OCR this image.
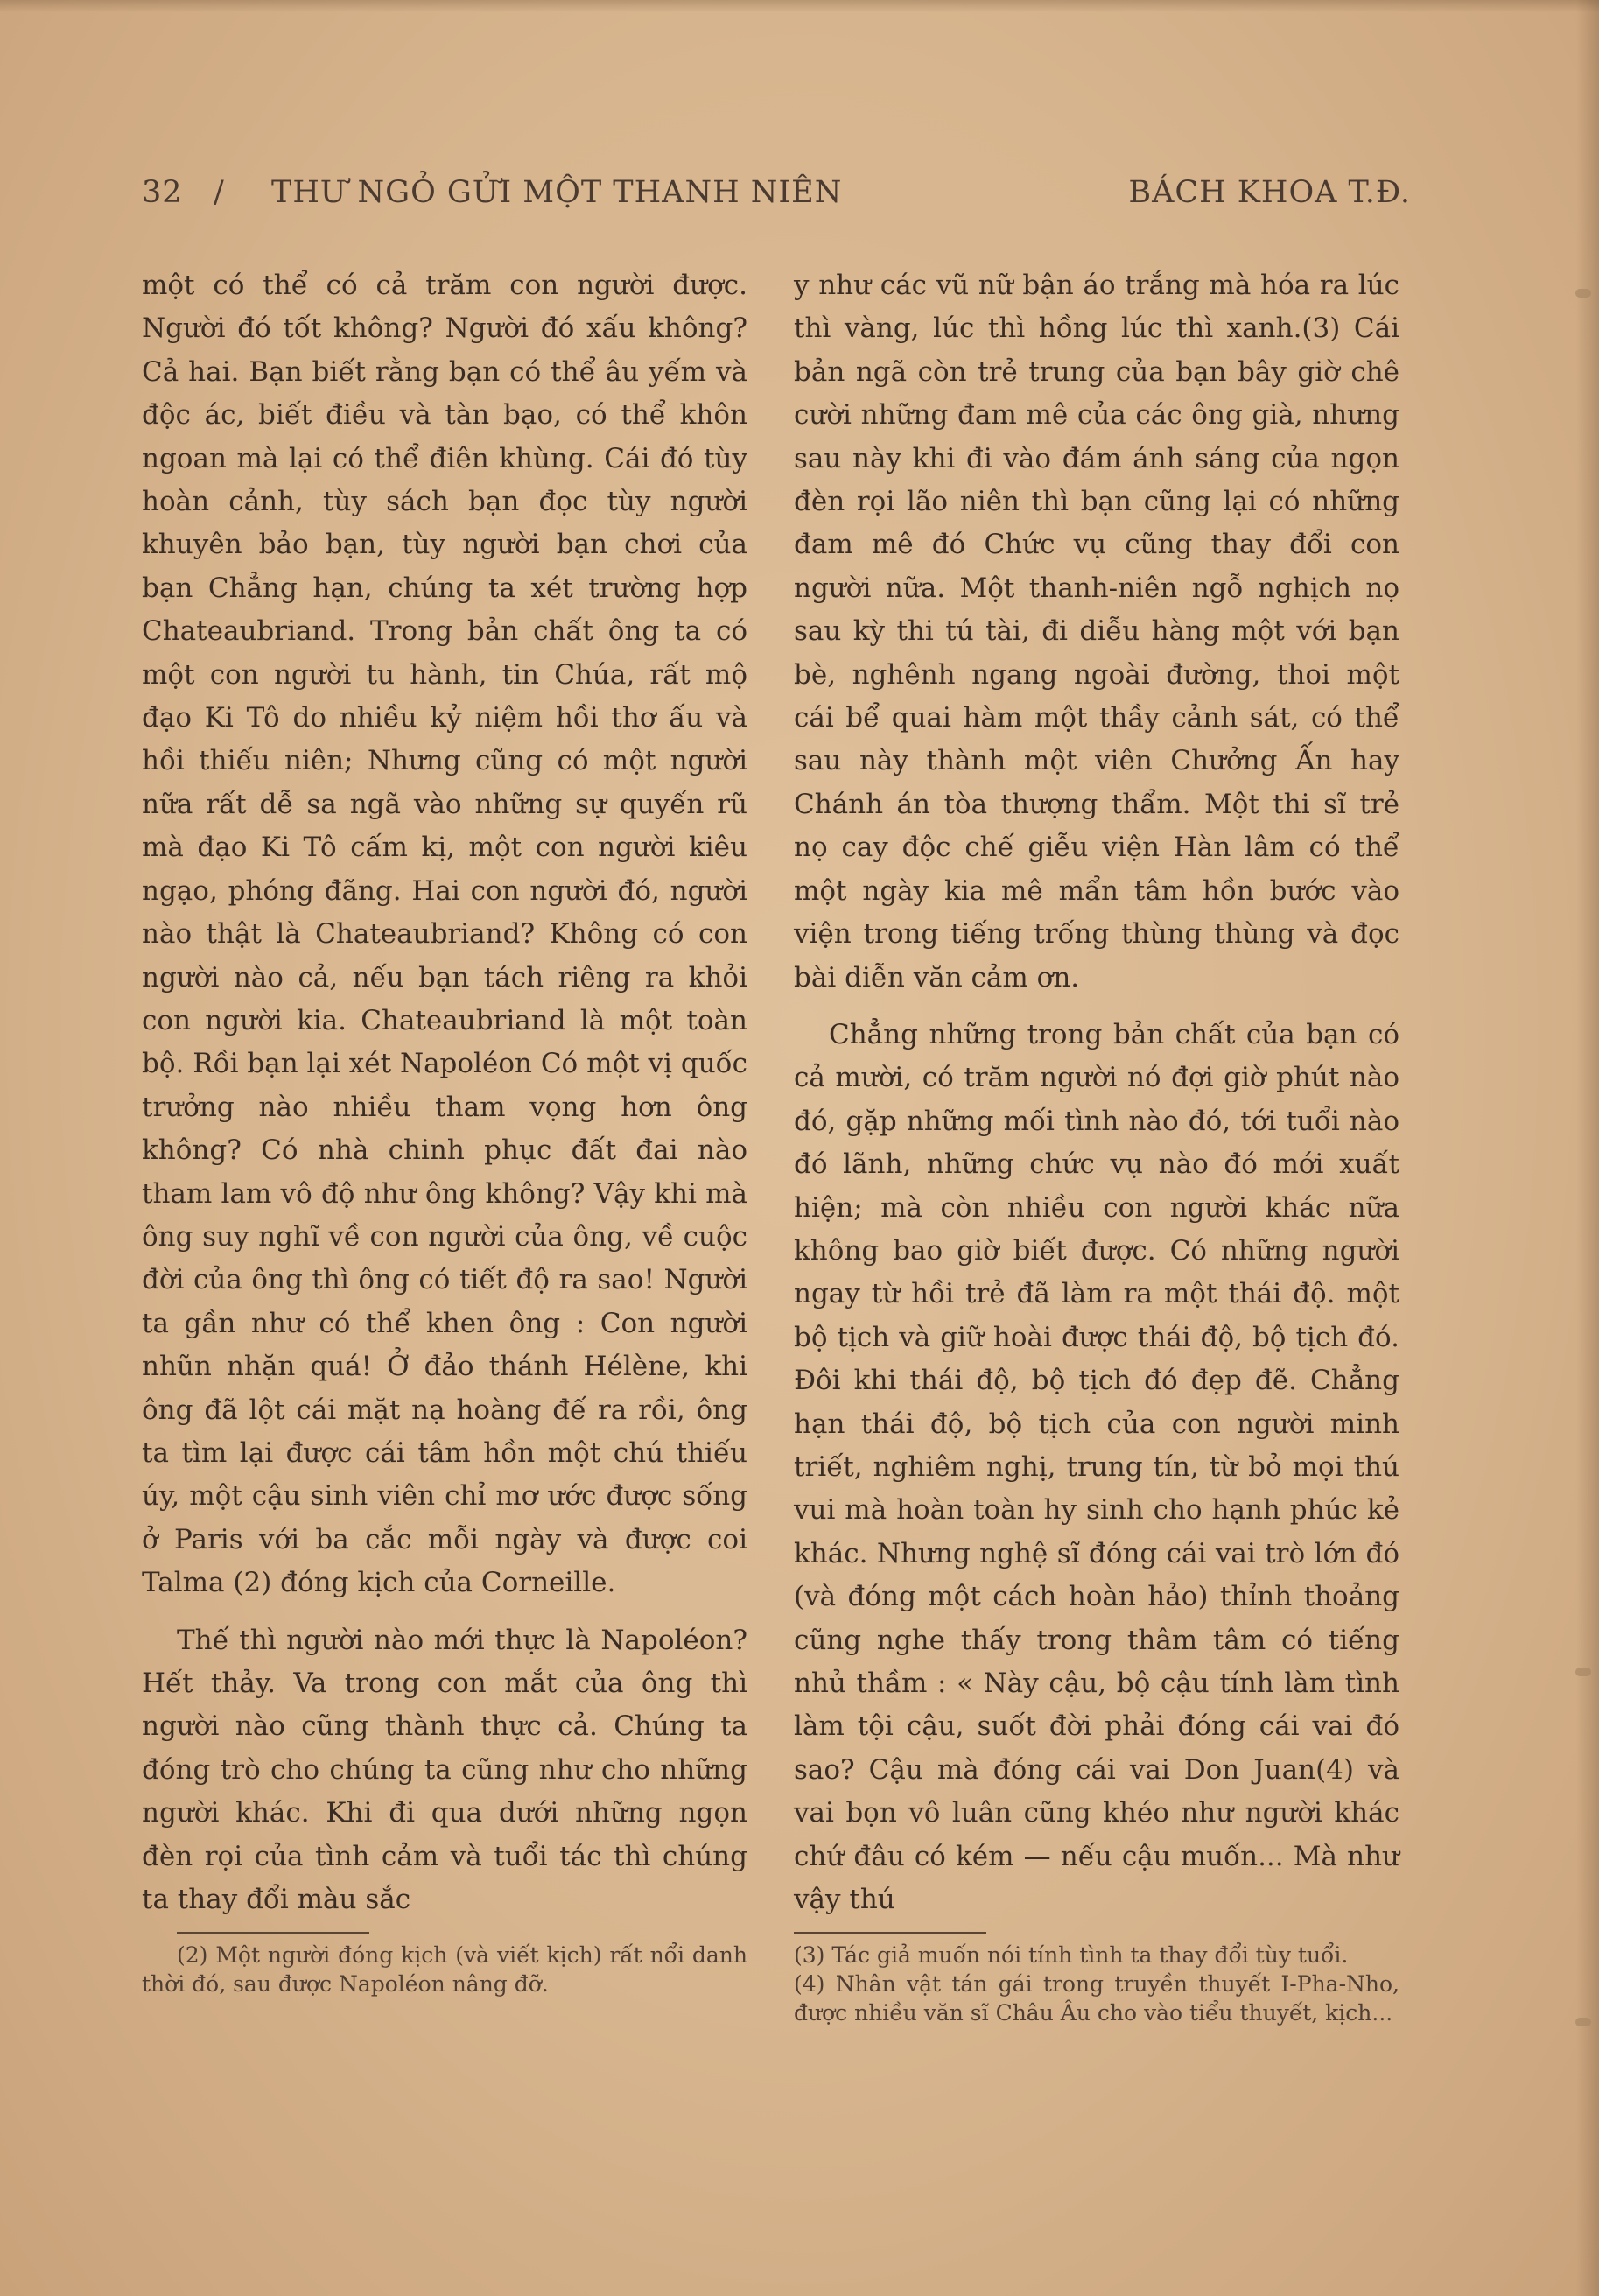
32 / THƯ NGỎ GỬI MỘT THANH NIÊN	BÁCH KHOA T.Đ.

một có thể có cả trăm con người được. Người đó tốt không? Người đó xấu không? Cả hai. Bạn biết rằng bạn có thể âu yếm và độc ác, biết điều và tàn bạo, có thể khôn ngoan mà lại có thể điên khùng. Cái đó tùy hoàn cảnh, tùy sách bạn đọc tùy người khuyên bảo bạn, tùy người bạn chơi của bạn Chẳng hạn, chúng ta xét trường hợp Chateaubriand. Trong bản chất ông ta có một con người tu hành, tin Chúa, rất mộ đạo Ki Tô do nhiều kỷ niệm hồi thơ ấu và hồi thiếu niên; Nhưng cũng có một người nữa rất dễ sa ngã vào những sự quyến rũ mà đạo Ki Tô cấm kị, một con người kiêu ngạo, phóng đãng. Hai con người đó, người nào thật là Chateaubriand? Không có con người nào cả, nếu bạn tách riêng ra khỏi con người kia. Chateaubriand là một toàn bộ. Rồi bạn lại xét Napoléon Có một vị quốc trưởng nào nhiều tham vọng hơn ông không? Có nhà chinh phục đất đai nào tham lam vô độ như ông không? Vậy khi mà ông suy nghĩ về con người của ông, về cuộc đời của ông thì ông có tiết độ ra sao! Người ta gần như có thể khen ông : Con người nhũn nhặn quá! Ở đảo thánh Hélène, khi ông đã lột cái mặt nạ hoàng đế ra rồi, ông ta tìm lại được cái tâm hồn một chú thiếu úy, một cậu sinh viên chỉ mơ ước được sống ở Paris với ba cắc mỗi ngày và được coi Talma (2) đóng kịch của Corneille.

Thế thì người nào mới thực là Napoléon? Hết thảy. Va trong con mắt của ông thì người nào cũng thành thực cả. Chúng ta đóng trò cho chúng ta cũng như cho những người khác. Khi đi qua dưới những ngọn đèn rọi của tình cảm và tuổi tác thì chúng ta thay đổi màu sắc

(2) Một người đóng kịch (và viết kịch) rất nổi danh thời đó, sau được Napoléon nâng đỡ.

y như các vũ nữ bận áo trắng mà hóa ra lúc thì vàng, lúc thì hồng lúc thì xanh.(3) Cái bản ngã còn trẻ trung của bạn bây giờ chê cười những đam mê của các ông già, nhưng sau này khi đi vào đám ánh sáng của ngọn đèn rọi lão niên thì bạn cũng lại có những đam mê đó Chức vụ cũng thay đổi con người nữa. Một thanh-niên ngỗ nghịch nọ sau kỳ thi tú tài, đi diễu hàng một với bạn bè, nghênh ngang ngoài đường, thoi một cái bể quai hàm một thầy cảnh sát, có thể sau này thành một viên Chưởng Ấn hay Chánh án tòa thượng thẩm. Một thi sĩ trẻ nọ cay độc chế giễu viện Hàn lâm có thể một ngày kia mê mẩn tâm hồn bước vào viện trong tiếng trống thùng thùng và đọc bài diễn văn cảm ơn.

Chẳng những trong bản chất của bạn có cả mười, có trăm người nó đợi giờ phút nào đó, gặp những mối tình nào đó, tới tuổi nào đó lãnh, những chức vụ nào đó mới xuất hiện; mà còn nhiều con người khác nữa không bao giờ biết được. Có những người ngay từ hồi trẻ đã làm ra một thái độ. một bộ tịch và giữ hoài được thái độ, bộ tịch đó. Đôi khi thái độ, bộ tịch đó đẹp đẽ. Chẳng hạn thái độ, bộ tịch của con người minh triết, nghiêm nghị, trung tín, từ bỏ mọi thú vui mà hoàn toàn hy sinh cho hạnh phúc kẻ khác. Nhưng nghệ sĩ đóng cái vai trò lớn đó (và đóng một cách hoàn hảo) thỉnh thoảng cũng nghe thấy trong thâm tâm có tiếng nhủ thầm : « Này cậu, bộ cậu tính làm tình làm tội cậu, suốt đời phải đóng cái vai đó sao? Cậu mà đóng cái vai Don Juan(4) và vai bọn vô luân cũng khéo như người khác chứ đâu có kém — nếu cậu muốn... Mà như vậy thú

(3) Tác giả muốn nói tính tình ta thay đổi tùy tuổi.
(4) Nhân vật tán gái trong truyền thuyết I-Pha-Nho, được nhiều văn sĩ Châu Âu cho vào tiểu thuyết, kịch...
